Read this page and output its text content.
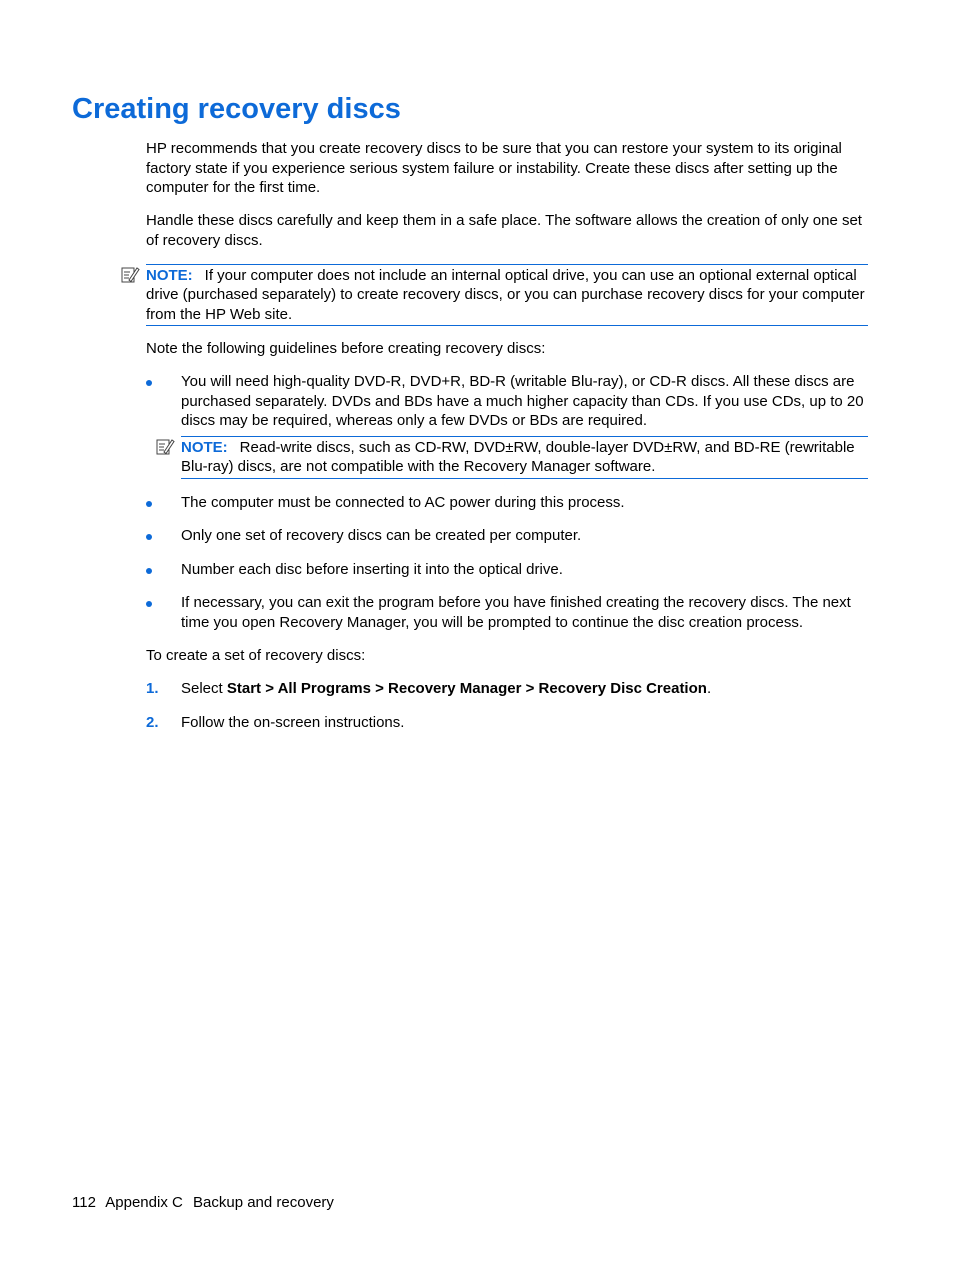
Creating recovery discs

HP recommends that you create recovery discs to be sure that you can restore your system to its original factory state if you experience serious system failure or instability. Create these discs after setting up the computer for the first time.

Handle these discs carefully and keep them in a safe place. The software allows the creation of only one set of recovery discs.

NOTE: If your computer does not include an internal optical drive, you can use an optional external optical drive (purchased separately) to create recovery discs, or you can purchase recovery discs for your computer from the HP Web site.

Note the following guidelines before creating recovery discs:

You will need high-quality DVD-R, DVD+R, BD-R (writable Blu-ray), or CD-R discs. All these discs are purchased separately. DVDs and BDs have a much higher capacity than CDs. If you use CDs, up to 20 discs may be required, whereas only a few DVDs or BDs are required.
NOTE: Read-write discs, such as CD-RW, DVD±RW, double-layer DVD±RW, and BD-RE (rewritable Blu-ray) discs, are not compatible with the Recovery Manager software.
The computer must be connected to AC power during this process.
Only one set of recovery discs can be created per computer.
Number each disc before inserting it into the optical drive.
If necessary, you can exit the program before you have finished creating the recovery discs. The next time you open Recovery Manager, you will be prompted to continue the disc creation process.

To create a set of recovery discs:

1. Select Start > All Programs > Recovery Manager > Recovery Disc Creation.
2. Follow the on-screen instructions.
112 Appendix C Backup and recovery
